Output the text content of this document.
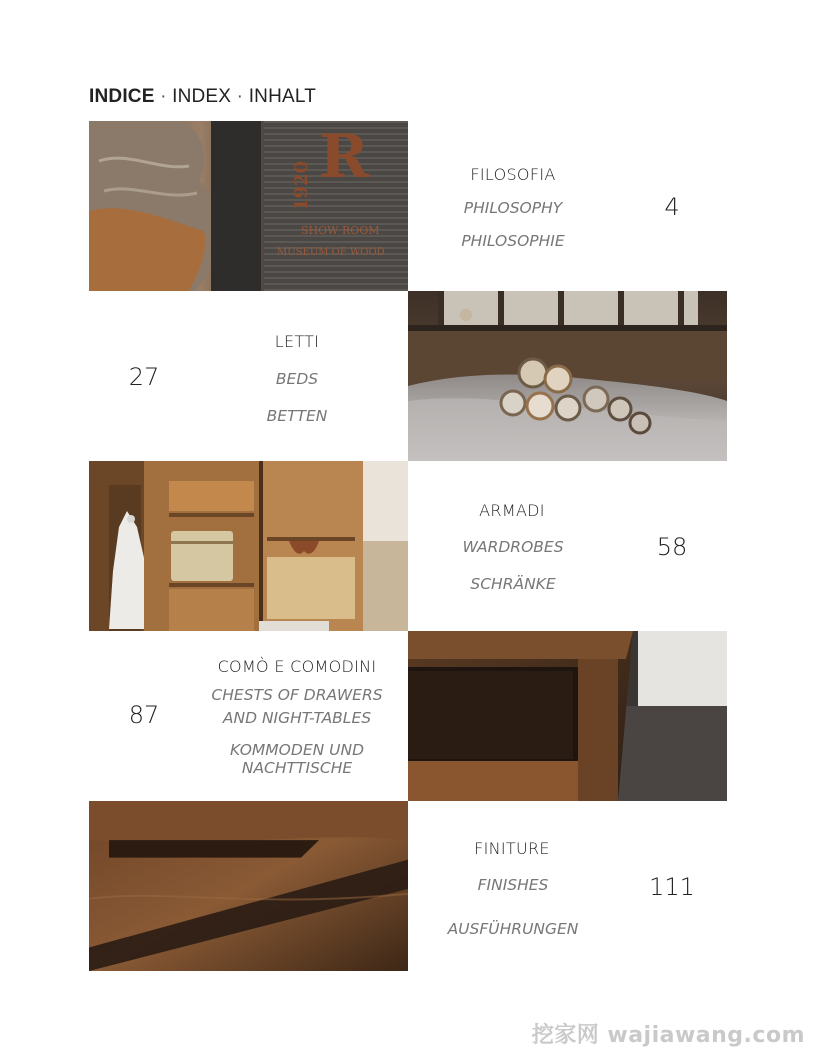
INDICE · INDEX · INHALT
R
1920
SHOW ROOM
MUSEUM OF WOOD
FILOSOFIA
PHILOSOPHY
PHILOSOPHIE
4
27
LETTI
BEDS
BETTEN
ARMADI
WARDROBES
SCHRÄNKE
58
87
COMÒ E COMODINI
CHESTS OF DRAWERS
AND NIGHT-TABLES
KOMMODEN UND
NACHTTISCHE
FINITURE
FINISHES
AUSFÜHRUNGEN
111
挖家网 wajiawang.com
